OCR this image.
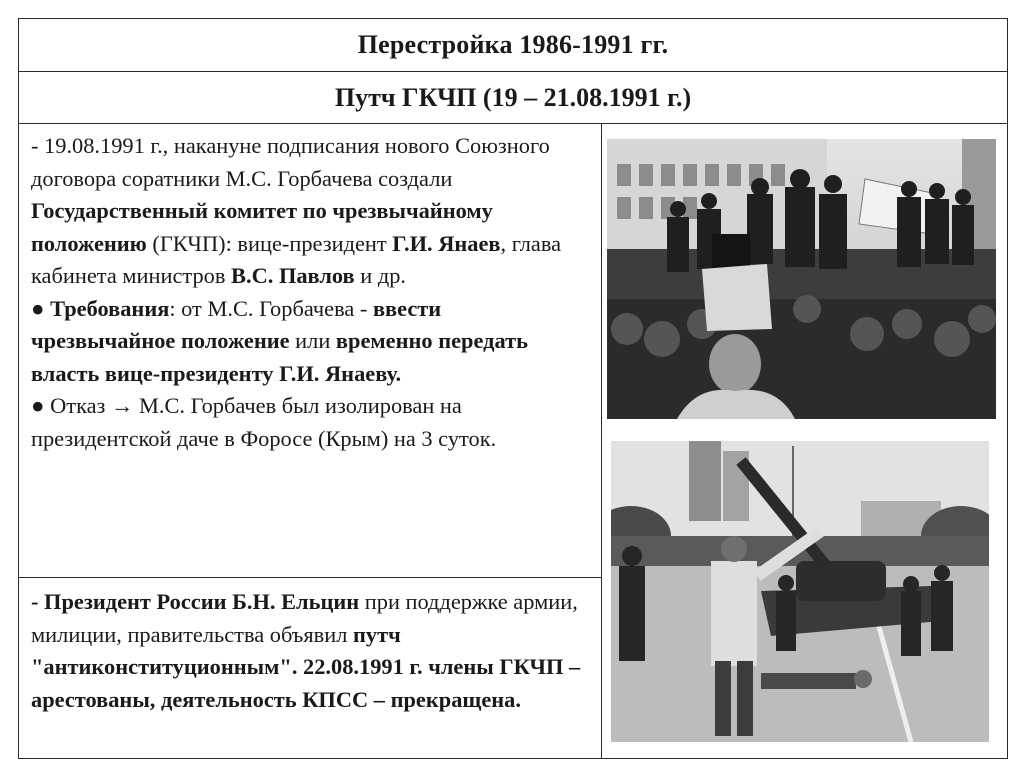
Перестройка 1986-1991 гг.
Путч ГКЧП (19 – 21.08.1991 г.)
- 19.08.1991 г., накануне подписания нового Союзного договора соратники М.С. Горбачева создали Государственный комитет по чрезвычайному положению (ГКЧП): вице-президент Г.И. Янаев, глава кабинета министров В.С. Павлов и др.
● Требования: от М.С. Горбачева - ввести чрезвычайное положение или временно передать власть вице-президенту Г.И. Янаеву.
● Отказ → М.С. Горбачев был изолирован на президентской даче в Форосе (Крым) на 3 суток.
- Президент России Б.Н. Ельцин при поддержке армии, милиции, правительства объявил путч "антиконституционным". 22.08.1991 г. члены ГКЧП – арестованы, деятельность КПСС – прекращена.
